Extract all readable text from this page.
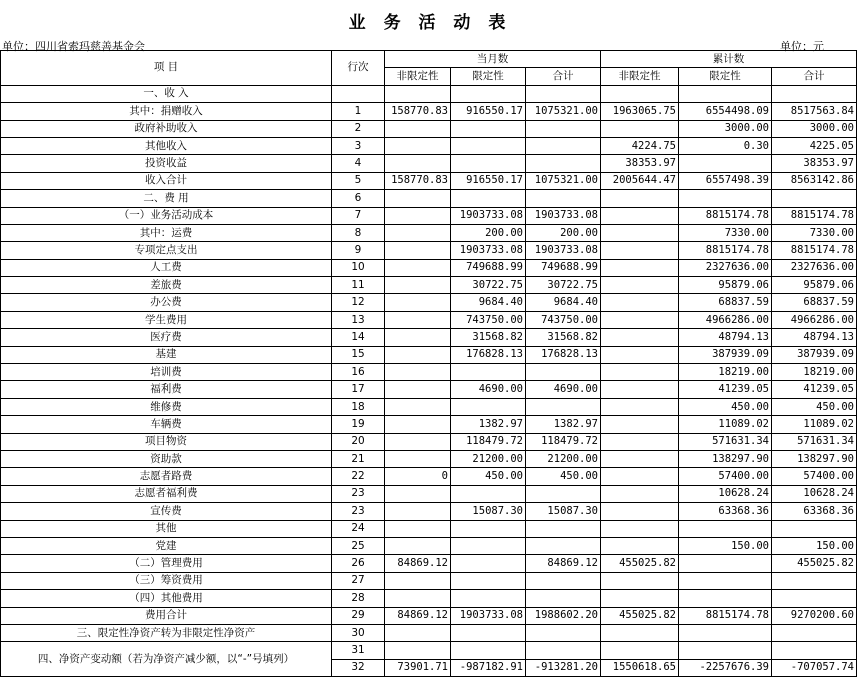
业 务 活 动 表
单位：四川省索玛慈善基金会	单位：元
项 目	行次	当月数			累计数		
		非限定性	限定性	合计	非限定性	限定性	合计
一、收 入							
其中：捐赠收入	1	158770.83	916550.17	1075321.00	1963065.75	6554498.09	8517563.84
政府补助收入	2					3000.00	3000.00
其他收入	3				4224.75	0.30	4225.05
投资收益	4				38353.97		38353.97
收入合计	5	158770.83	916550.17	1075321.00	2005644.47	6557498.39	8563142.86
二、费 用	6						
（一）业务活动成本	7		1903733.08	1903733.08		8815174.78	8815174.78
其中：运费	8		200.00	200.00		7330.00	7330.00
专项定点支出	9		1903733.08	1903733.08		8815174.78	8815174.78
人工费	10		749688.99	749688.99		2327636.00	2327636.00
差旅费	11		30722.75	30722.75		95879.06	95879.06
办公费	12		9684.40	9684.40		68837.59	68837.59
学生费用	13		743750.00	743750.00		4966286.00	4966286.00
医疗费	14		31568.82	31568.82		48794.13	48794.13
基建	15		176828.13	176828.13		387939.09	387939.09
培训费	16					18219.00	18219.00
福利费	17		4690.00	4690.00		41239.05	41239.05
维修费	18					450.00	450.00
车辆费	19		1382.97	1382.97		11089.02	11089.02
项目物资	20		118479.72	118479.72		571631.34	571631.34
资助款	21		21200.00	21200.00		138297.90	138297.90
志愿者路费	22	0	450.00	450.00		57400.00	57400.00
志愿者福利费	23					10628.24	10628.24
宣传费	23		15087.30	15087.30		63368.36	63368.36
其他	24						
党建	25					150.00	150.00
（二）管理费用	26	84869.12		84869.12	455025.82		455025.82
（三）筹资费用	27						
（四）其他费用	28						
费用合计	29	84869.12	1903733.08	1988602.20	455025.82	8815174.78	9270200.60
三、限定性净资产转为非限定性净资产	30						
四、净资产变动额（若为净资产减少额，以“-”号填列）	31						
	32	73901.71	-987182.91	-913281.20	1550618.65	-2257676.39	-707057.74
